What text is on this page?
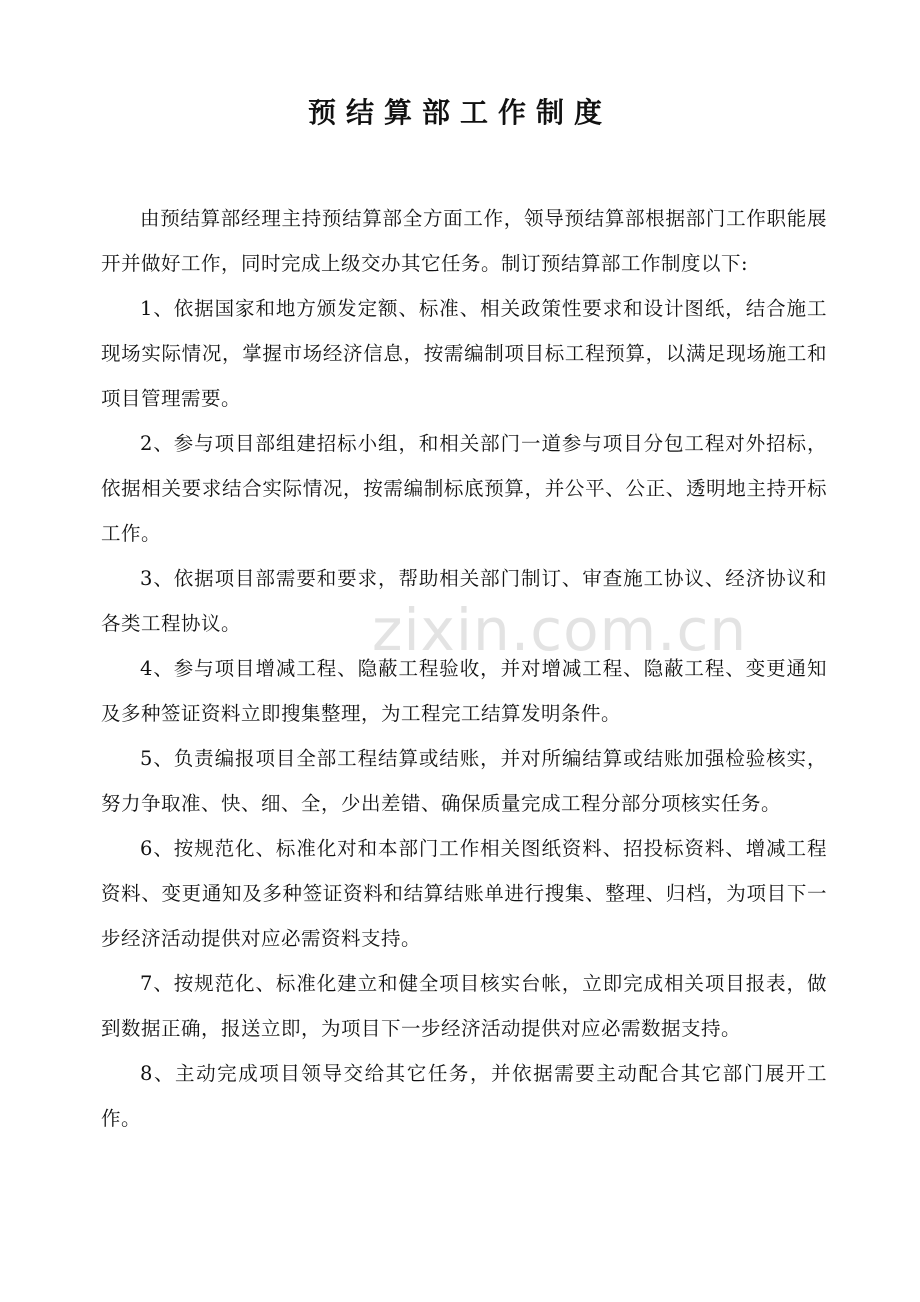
预结算部工作制度

由预结算部经理主持预结算部全方面工作，领导预结算部根据部门工作职能展开并做好工作，同时完成上级交办其它任务。制订预结算部工作制度以下:

1、依据国家和地方颁发定额、标准、相关政策性要求和设计图纸，结合施工现场实际情况，掌握市场经济信息，按需编制项目标工程预算，以满足现场施工和项目管理需要。

2、参与项目部组建招标小组，和相关部门一道参与项目分包工程对外招标，依据相关要求结合实际情况，按需编制标底预算，并公平、公正、透明地主持开标工作。

3、依据项目部需要和要求，帮助相关部门制订、审查施工协议、经济协议和各类工程协议。

4、参与项目增减工程、隐蔽工程验收，并对增减工程、隐蔽工程、变更通知及多种签证资料立即搜集整理，为工程完工结算发明条件。

5、负责编报项目全部工程结算或结账，并对所编结算或结账加强检验核实，努力争取准、快、细、全，少出差错、确保质量完成工程分部分项核实任务。

6、按规范化、标准化对和本部门工作相关图纸资料、招投标资料、增减工程资料、变更通知及多种签证资料和结算结账单进行搜集、整理、归档，为项目下一步经济活动提供对应必需资料支持。

7、按规范化、标准化建立和健全项目核实台帐，立即完成相关项目报表，做到数据正确，报送立即，为项目下一步经济活动提供对应必需数据支持。

8、主动完成项目领导交给其它任务，并依据需要主动配合其它部门展开工作。

zixin.com.cn
